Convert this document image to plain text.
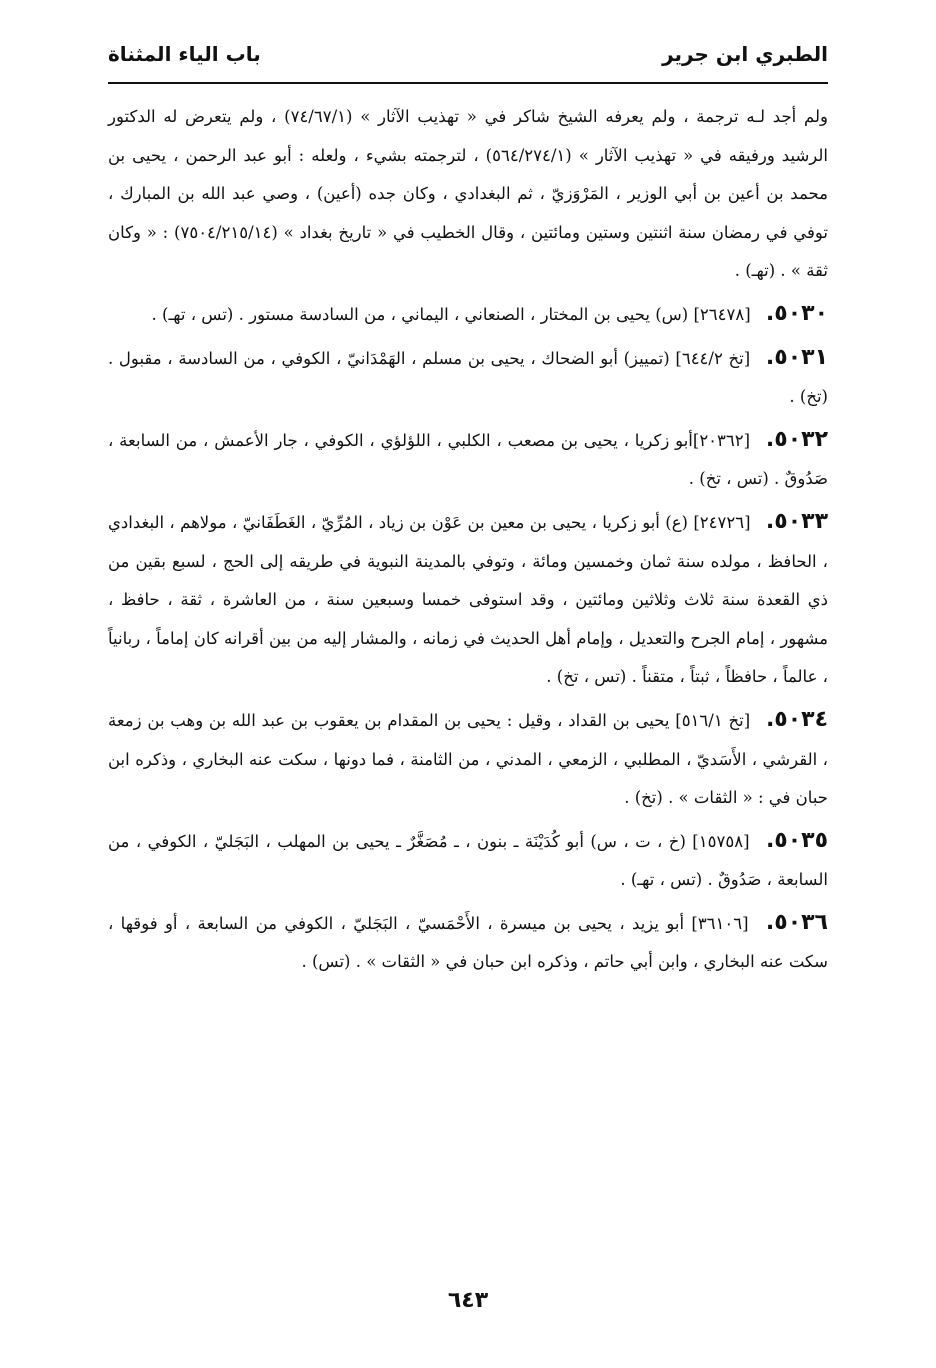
الطبري ابن جرير
باب الياء المثناة

ولم أجد لـه ترجمة ، ولم يعرفه الشيخ شاكر في « تهذيب الآثار » (٧٤/٦٧/١) ، ولم يتعرض له الدكتور الرشيد ورفيقه في « تهذيب الآثار » (٥٦٤/٢٧٤/١) ، لترجمته بشيء ، ولعله : أبو عبد الرحمن ، يحيى بن محمد بن أعين بن أبي الوزير ، المَرْوَزيّ ، ثم البغدادي ، وكان جده (أعين) ، وصي عبد الله بن المبارك ، توفي في رمضان سنة اثنتين وستين ومائتين ، وقال الخطيب في « تاريخ بغداد » (٧٥٠٤/٢١٥/١٤) : « وكان ثقة » . (تهـ) .

٥٠٣٠. [٢٦٤٧٨] (س) يحيى بن المختار ، الصنعاني ، اليماني ، من السادسة مستور . (تس ، تهـ) .

٥٠٣١. [تخ ٦٤٤/٢] (تمييز) أبو الضحاك ، يحيى بن مسلم ، الهَمْدَانيّ ، الكوفي ، من السادسة ، مقبول . (تخ) .

٥٠٣٢. [٢٠٣٦٢]أبو زكريا ، يحيى بن مصعب ، الكلبي ، اللؤلؤي ، الكوفي ، جار الأعمش ، من السابعة ، صَدُوقٌ . (تس ، تخ) .

٥٠٣٣. [٢٤٧٢٦] (ع) أبو زكريا ، يحيى بن معين بن عَوْن بن زياد ، المُرِّيّ ، الغَطَفَانيّ ، مولاهم ، البغدادي ، الحافظ ، مولده سنة ثمان وخمسين ومائة ، وتوفي بالمدينة النبوية في طريقه إلى الحج ، لسبع بقين من ذي القعدة سنة ثلاث وثلاثين ومائتين ، وقد استوفى خمسا وسبعين سنة ، من العاشرة ، ثقة ، حافظ ، مشهور ، إمام الجرح والتعديل ، وإمام أهل الحديث في زمانه ، والمشار إليه من بين أقرانه كان إماماً ، ربانياً ، عالماً ، حافظاً ، ثبتاً ، متقناً . (تس ، تخ) .

٥٠٣٤. [تخ ٥١٦/١] يحيى بن القداد ، وقيل : يحيى بن المقدام بن يعقوب بن عبد الله بن وهب بن زمعة ، القرشي ، الأَسَديّ ، المطلبي ، الزمعي ، المدني ، من الثامنة ، فما دونها ، سكت عنه البخاري ، وذكره ابن حبان في : « الثقات » . (تخ) .

٥٠٣٥. [١٥٧٥٨] (خ ، ت ، س) أبو كُدَيْنَة ـ بنون ، ـ مُصَغَّرٌ ـ يحيى بن المهلب ، البَجَليّ ، الكوفي ، من السابعة ، صَدُوقٌ . (تس ، تهـ) .

٥٠٣٦. [٣٦١٠٦] أبو يزيد ، يحيى بن ميسرة ، الأَحْمَسيّ ، البَجَليّ ، الكوفي من السابعة ، أو فوقها ، سكت عنه البخاري ، وابن أبي حاتم ، وذكره ابن حبان في « الثقات » . (تس) .

٦٤٣
